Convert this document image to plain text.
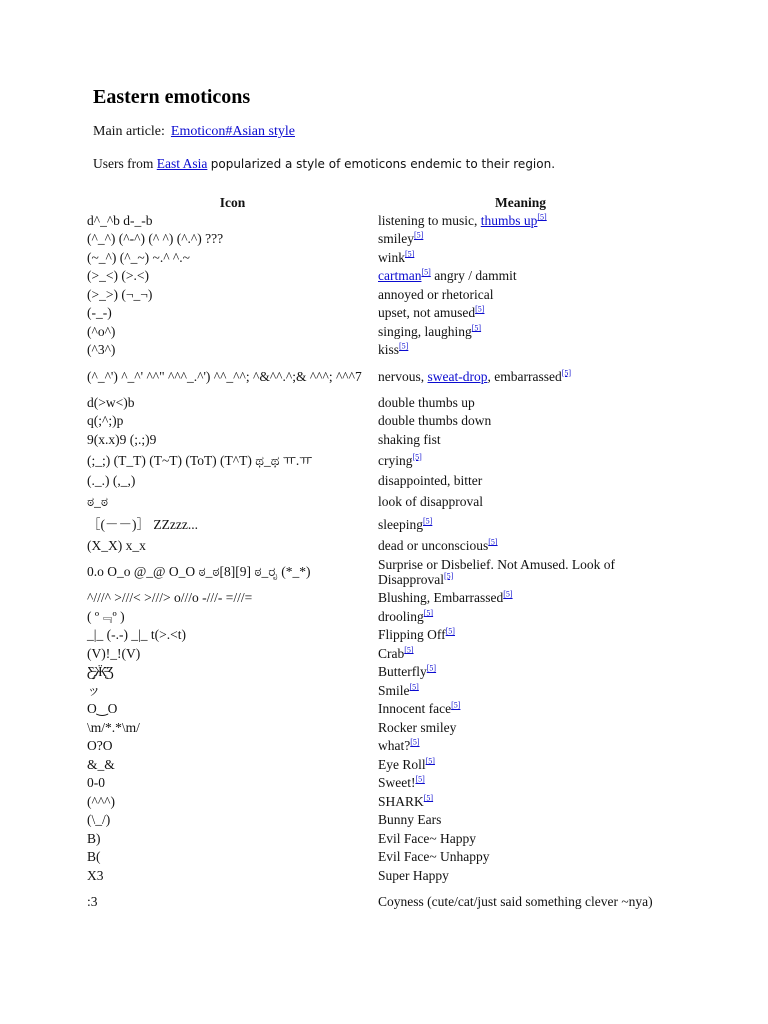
Eastern emoticons
Main article: Emoticon#Asian style
Users from East Asia popularized a style of emoticons endemic to their region.
Icon	Meaning
d^_^b d-_-b	listening to music, thumbs up[5]
(^_^) (^-^) (^ ^) (^.^) ???	smiley[5]
(~_^) (^_~) ~.^ ^.~	wink[5]
(>_<) (>.<)	cartman[5] angry / dammit
(>_>) (¬_¬)	annoyed or rhetorical
(-_-)	upset, not amused[5]
(^o^)	singing, laughing[5]
(^3^)	kiss[5]
(^_^') ^_^' ^^" ^^^_.^') ^^_^^; ^&^^.^;& ^^^; ^^^7	nervous, sweat-drop, embarrassed[5]
d(>w<)b	double thumbs up
q(;^;)p	double thumbs down
9(x.x)9 (;.;)9	shaking fist
(;_;) (T_T) (T~T) (ToT) (T^T) ಥ_ಥ ㅠ.ㅠ	crying[5]
(._.) (,_,)	disappointed, bitter
ಠ_ಠ	look of disapproval
［(－－)］ ZZzzz...	sleeping[5]
(X_X) x_x	dead or unconscious[5]
0.o O_o @_@ O_O ಠ_ಠ[8][9] ಠ_ರೃ (*_*)	Surprise or Disbelief. Not Amused. Look of Disapproval[5]
^///^ >///< >///> o///o -///- =///=	Blushing, Embarrassed[5]
( º﹃º )	drooling[5]
_|_ (-.-) _|_ t(>.<t)	Flipping Off[5]
(V)!_!(V)	Crab[5]
Ƹ̵̡Ӝ̵̨̄Ʒ	Butterfly[5]
ッ	Smile[5]
O‿O	Innocent face[5]
\m/*.*\m/	Rocker smiley
O?O	what?[5]
&_&	Eye Roll[5]
0-0	Sweet![5]
(^^^)	SHARK[5]
(\_/)	Bunny Ears
B)	Evil Face~ Happy
B(	Evil Face~ Unhappy
X3	Super Happy
:3	Coyness (cute/cat/just said something clever ~nya)
